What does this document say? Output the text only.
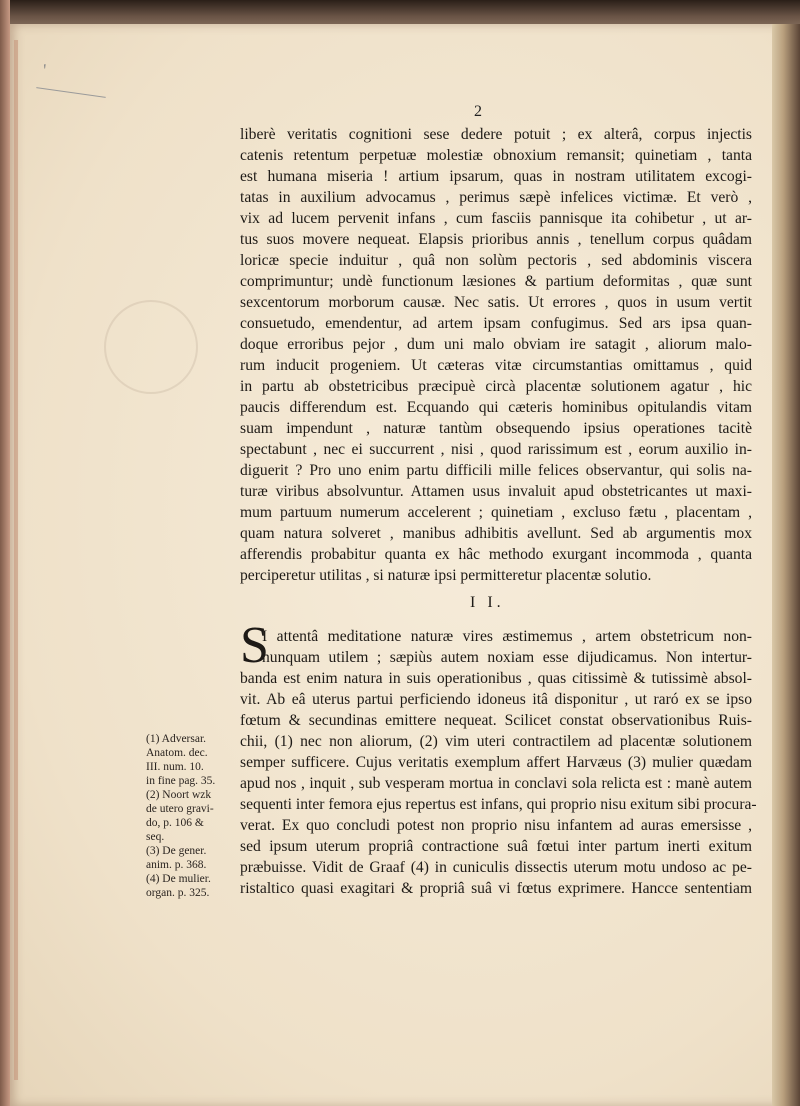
ʹ
2
liberè veritatis cognitioni sese dedere potuit ; ex alterâ, corpus injectis
catenis retentum perpetuæ molestiæ obnoxium remansit; quinetiam , tanta
est humana miseria ! artium ipsarum, quas in nostram utilitatem excogi-
tatas in auxilium advocamus , perimus sæpè infelices victimæ. Et verò ,
vix ad lucem pervenit infans , cum fasciis pannisque ita cohibetur , ut ar-
tus suos movere nequeat. Elapsis prioribus annis , tenellum corpus quâdam
loricæ specie induitur , quâ non solùm pectoris , sed abdominis viscera
comprimuntur; undè functionum læsiones & partium deformitas , quæ sunt
sexcentorum morborum causæ. Nec satis. Ut errores , quos in usum vertit
consuetudo, emendentur, ad artem ipsam confugimus. Sed ars ipsa quan-
doque erroribus pejor , dum uni malo obviam ire satagit , aliorum malo-
rum inducit progeniem. Ut cæteras vitæ circumstantias omittamus , quid
in partu ab obstetricibus præcipuè circà placentæ solutionem agatur , hic
paucis differendum est. Ecquando qui cæteris hominibus opitulandis vitam
suam impendunt , naturæ tantùm obsequendo ipsius operationes tacitè
spectabunt , nec ei succurrent , nisi , quod rarissimum est , eorum auxilio in-
diguerit ? Pro uno enim partu difficili mille felices observantur, qui solis na-
turæ viribus absolvuntur. Attamen usus invaluit apud obstetricantes ut maxi-
mum partuum numerum accelerent ; quinetiam , excluso fætu , placentam ,
quam natura solveret , manibus adhibitis avellunt. Sed ab argumentis mox
afferendis probabitur quanta ex hâc methodo exurgant incommoda , quanta
perciperetur utilitas , si naturæ ipsi permitteretur placentæ solutio.
I I.
S
I attentâ meditatione naturæ vires æstimemus , artem obstetricum non-
nunquam utilem ; sæpiùs autem noxiam esse dijudicamus. Non intertur-
banda est enim natura in suis operationibus , quas citissimè & tutissimè absol-
vit. Ab eâ uterus partui perficiendo idoneus itâ disponitur , ut raró ex se ipso
fœtum & secundinas emittere nequeat. Scilicet constat observationibus Ruis-
chii, (1) nec non aliorum, (2) vim uteri contractilem ad placentæ solutionem
semper sufficere. Cujus veritatis exemplum affert Harvæus (3) mulier quædam
apud nos , inquit , sub vesperam mortua in conclavi sola relicta est : manè autem
sequenti inter femora ejus repertus est infans, qui proprio nisu exitum sibi procura-
verat. Ex quo concludi potest non proprio nisu infantem ad auras emersisse ,
sed ipsum uterum propriâ contractione suâ fœtui inter partum inerti exitum
præbuisse. Vidit de Graaf (4) in cuniculis dissectis uterum motu undoso ac pe-
ristaltico quasi exagitari & propriâ suâ vi fœtus exprimere. Hancce sententiam
(1) Adversar.
Anatom. dec.
III. num. 10.
in fine pag. 35.
(2) Noort wzk
de utero gravi-
do, p. 106 &
seq.
(3) De gener.
anim. p. 368.
(4) De mulier.
organ. p. 325.
